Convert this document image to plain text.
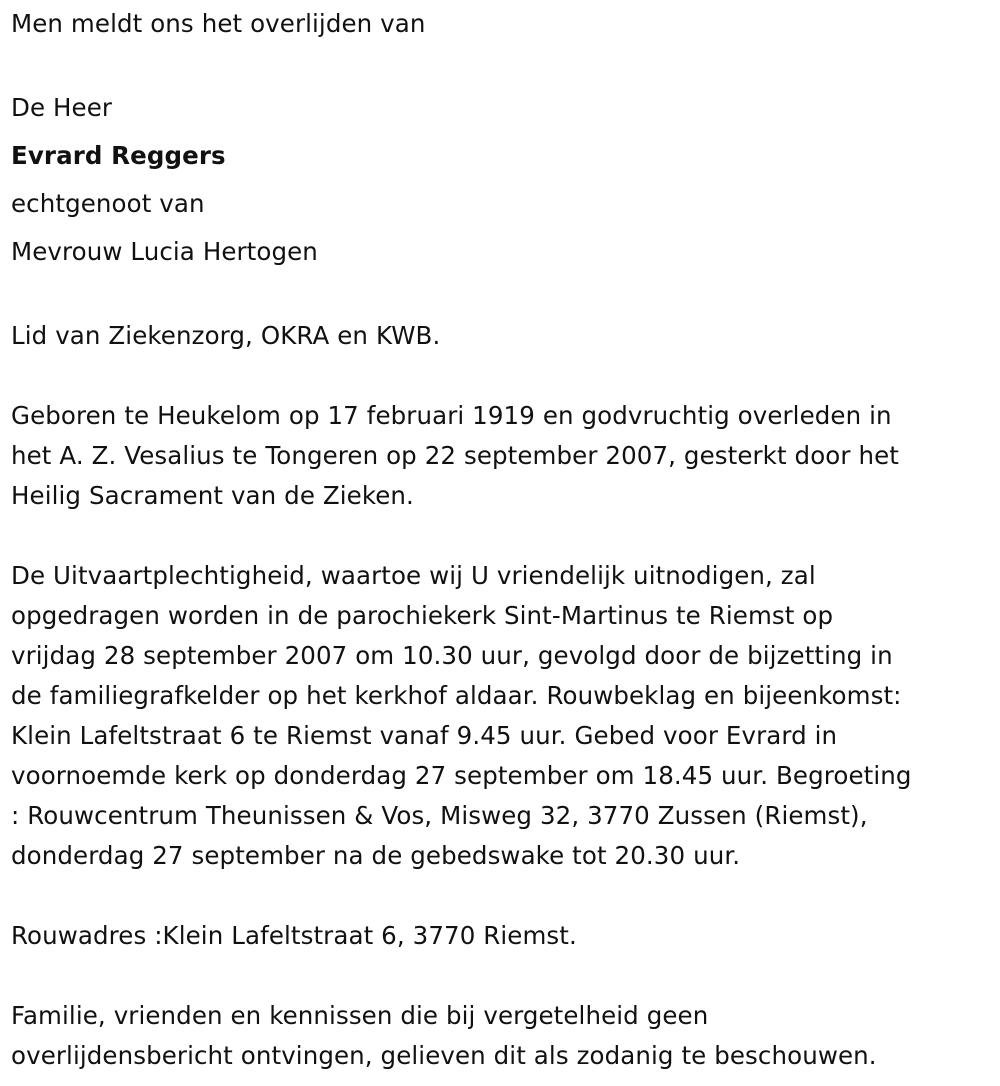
Men meldt ons het overlijden van
De Heer
Evrard Reggers
echtgenoot van
Mevrouw Lucia Hertogen
Lid van Ziekenzorg, OKRA en KWB.
Geboren te Heukelom op 17 februari 1919 en godvruchtig overleden in
het A. Z. Vesalius te Tongeren op 22 september 2007, gesterkt door het
Heilig Sacrament van de Zieken.
De Uitvaartplechtigheid, waartoe wij U vriendelijk uitnodigen, zal
opgedragen worden in de parochiekerk Sint-Martinus te Riemst op
vrijdag 28 september 2007 om 10.30 uur, gevolgd door de bijzetting in
de familiegrafkelder op het kerkhof aldaar. Rouwbeklag en bijeenkomst:
Klein Lafeltstraat 6 te Riemst vanaf 9.45 uur. Gebed voor Evrard in
voornoemde kerk op donderdag 27 september om 18.45 uur. Begroeting
: Rouwcentrum Theunissen & Vos, Misweg 32, 3770 Zussen (Riemst),
donderdag 27 september na de gebedswake tot 20.30 uur.
Rouwadres :Klein Lafeltstraat 6, 3770 Riemst.
Familie, vrienden en kennissen die bij vergetelheid geen
overlijdensbericht ontvingen, gelieven dit als zodanig te beschouwen.
